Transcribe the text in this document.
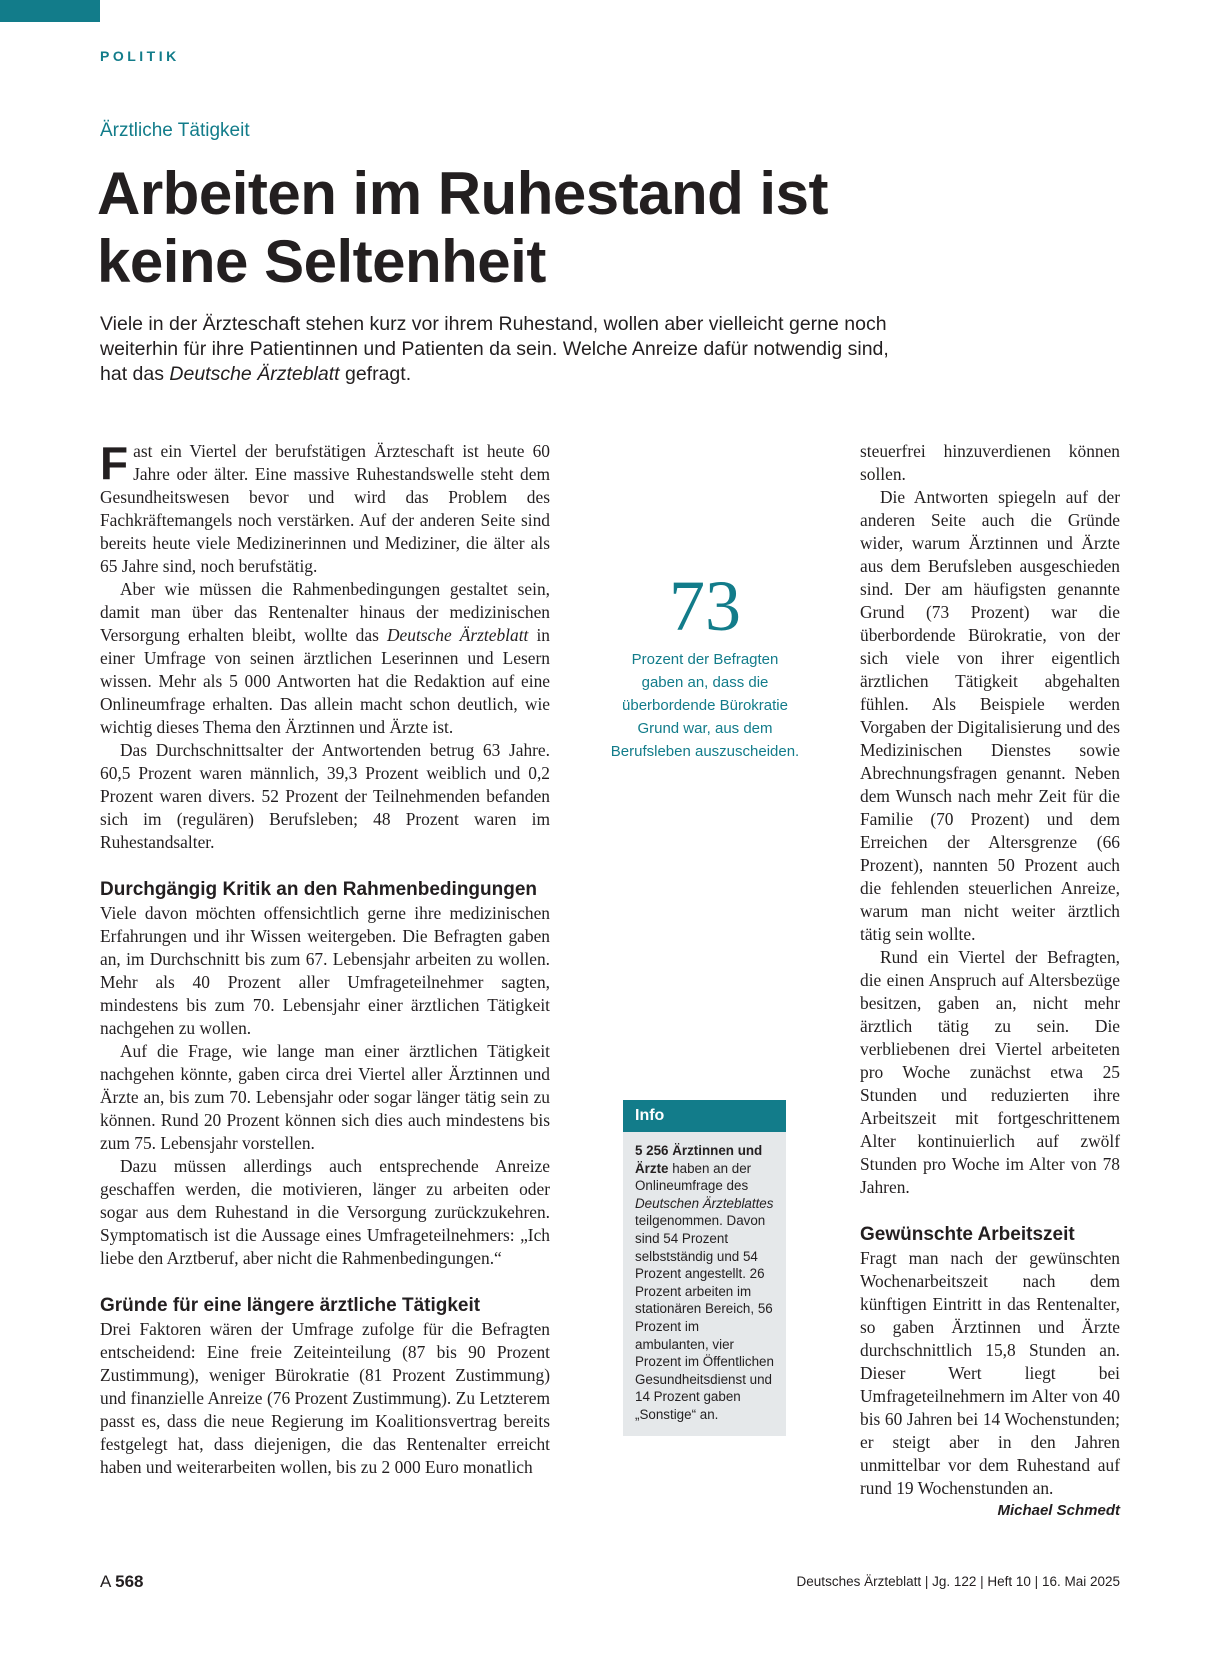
POLITIK
Ärztliche Tätigkeit
Arbeiten im Ruhestand ist
keine Seltenheit

Viele in der Ärzteschaft stehen kurz vor ihrem Ruhestand, wollen aber vielleicht gerne noch weiterhin für ihre Patientinnen und Patienten da sein. Welche Anreize dafür notwendig sind, hat das Deutsche Ärzteblatt gefragt.

Fast ein Viertel der berufstätigen Ärzteschaft ist heute 60 Jahre oder älter. Eine massive Ruhestandswelle steht dem Gesundheitswesen bevor und wird das Problem des Fachkräftemangels noch verstärken. Auf der anderen Seite sind bereits heute viele Medizinerinnen und Mediziner, die älter als 65 Jahre sind, noch berufstätig.

Aber wie müssen die Rahmenbedingungen gestaltet sein, damit man über das Rentenalter hinaus der medizinischen Versorgung erhalten bleibt, wollte das Deutsche Ärzteblatt in einer Umfrage von seinen ärztlichen Leserinnen und Lesern wissen. Mehr als 5 000 Antworten hat die Redaktion auf eine Onlineumfrage erhalten. Das allein macht schon deutlich, wie wichtig dieses Thema den Ärztinnen und Ärzte ist.

Das Durchschnittsalter der Antwortenden betrug 63 Jahre. 60,5 Prozent waren männlich, 39,3 Prozent weiblich und 0,2 Prozent waren divers. 52 Prozent der Teilnehmenden befanden sich im (regulären) Berufsleben; 48 Prozent waren im Ruhestandsalter.

Durchgängig Kritik an den Rahmenbedingungen

Viele davon möchten offensichtlich gerne ihre medizinischen Erfahrungen und ihr Wissen weitergeben. Die Befragten gaben an, im Durchschnitt bis zum 67. Lebensjahr arbeiten zu wollen. Mehr als 40 Prozent aller Umfrageteilnehmer sagten, mindestens bis zum 70. Lebensjahr einer ärztlichen Tätigkeit nachgehen zu wollen.

Auf die Frage, wie lange man einer ärztlichen Tätigkeit nachgehen könnte, gaben circa drei Viertel aller Ärztinnen und Ärzte an, bis zum 70. Lebensjahr oder sogar länger tätig sein zu können. Rund 20 Prozent können sich dies auch mindestens bis zum 75. Lebensjahr vorstellen.

Dazu müssen allerdings auch entsprechende Anreize geschaffen werden, die motivieren, länger zu arbeiten oder sogar aus dem Ruhestand in die Versorgung zurückzukehren. Symptomatisch ist die Aussage eines Umfrageteilnehmers: „Ich liebe den Arztberuf, aber nicht die Rahmenbedingungen.“

Gründe für eine längere ärztliche Tätigkeit

Drei Faktoren wären der Umfrage zufolge für die Befragten entscheidend: Eine freie Zeiteinteilung (87 bis 90 Prozent Zustimmung), weniger Bürokratie (81 Prozent Zustimmung) und finanzielle Anreize (76 Prozent Zustimmung). Zu Letzterem passt es, dass die neue Regierung im Koalitionsvertrag bereits festgelegt hat, dass diejenigen, die das Rentenalter erreicht haben und weiterarbeiten wollen, bis zu 2 000 Euro monatlich

73
Prozent der Befragten gaben an, dass die überbordende Bürokratie Grund war, aus dem Berufsleben auszuscheiden.
Info
5 256 Ärztinnen und Ärzte haben an der Onlineumfrage des Deutschen Ärzteblattes teilgenommen. Davon sind 54 Prozent selbstständig und 54 Prozent angestellt. 26 Prozent arbeiten im stationären Bereich, 56 Prozent im ambulanten, vier Prozent im Öffentlichen Gesundheitsdienst und 14 Prozent gaben „Sonstige“ an.

steuerfrei hinzuverdienen können sollen.

Die Antworten spiegeln auf der anderen Seite auch die Gründe wider, warum Ärztinnen und Ärzte aus dem Berufsleben ausgeschieden sind. Der am häufigsten genannte Grund (73 Prozent) war die überbordende Bürokratie, von der sich viele von ihrer eigentlich ärztlichen Tätigkeit abgehalten fühlen. Als Beispiele werden Vorgaben der Digitalisierung und des Medizinischen Dienstes sowie Abrechnungsfragen genannt. Neben dem Wunsch nach mehr Zeit für die Familie (70 Prozent) und dem Erreichen der Altersgrenze (66 Prozent), nannten 50 Prozent auch die fehlenden steuerlichen Anreize, warum man nicht weiter ärztlich tätig sein wollte.

Rund ein Viertel der Befragten, die einen Anspruch auf Altersbezüge besitzen, gaben an, nicht mehr ärztlich tätig zu sein. Die verbliebenen drei Viertel arbeiteten pro Woche zunächst etwa 25 Stunden und reduzierten ihre Arbeitszeit mit fortgeschrittenem Alter kontinuierlich auf zwölf Stunden pro Woche im Alter von 78 Jahren.

Gewünschte Arbeitszeit

Fragt man nach der gewünschten Wochenarbeitszeit nach dem künftigen Eintritt in das Rentenalter, so gaben Ärztinnen und Ärzte durchschnittlich 15,8 Stunden an. Dieser Wert liegt bei Umfrageteilnehmern im Alter von 40 bis 60 Jahren bei 14 Wochenstunden; er steigt aber in den Jahren unmittelbar vor dem Ruhestand auf rund 19 Wochenstunden an.

Michael Schmedt
A 568	Deutsches Ärzteblatt | Jg. 122 | Heft 10 | 16. Mai 2025
